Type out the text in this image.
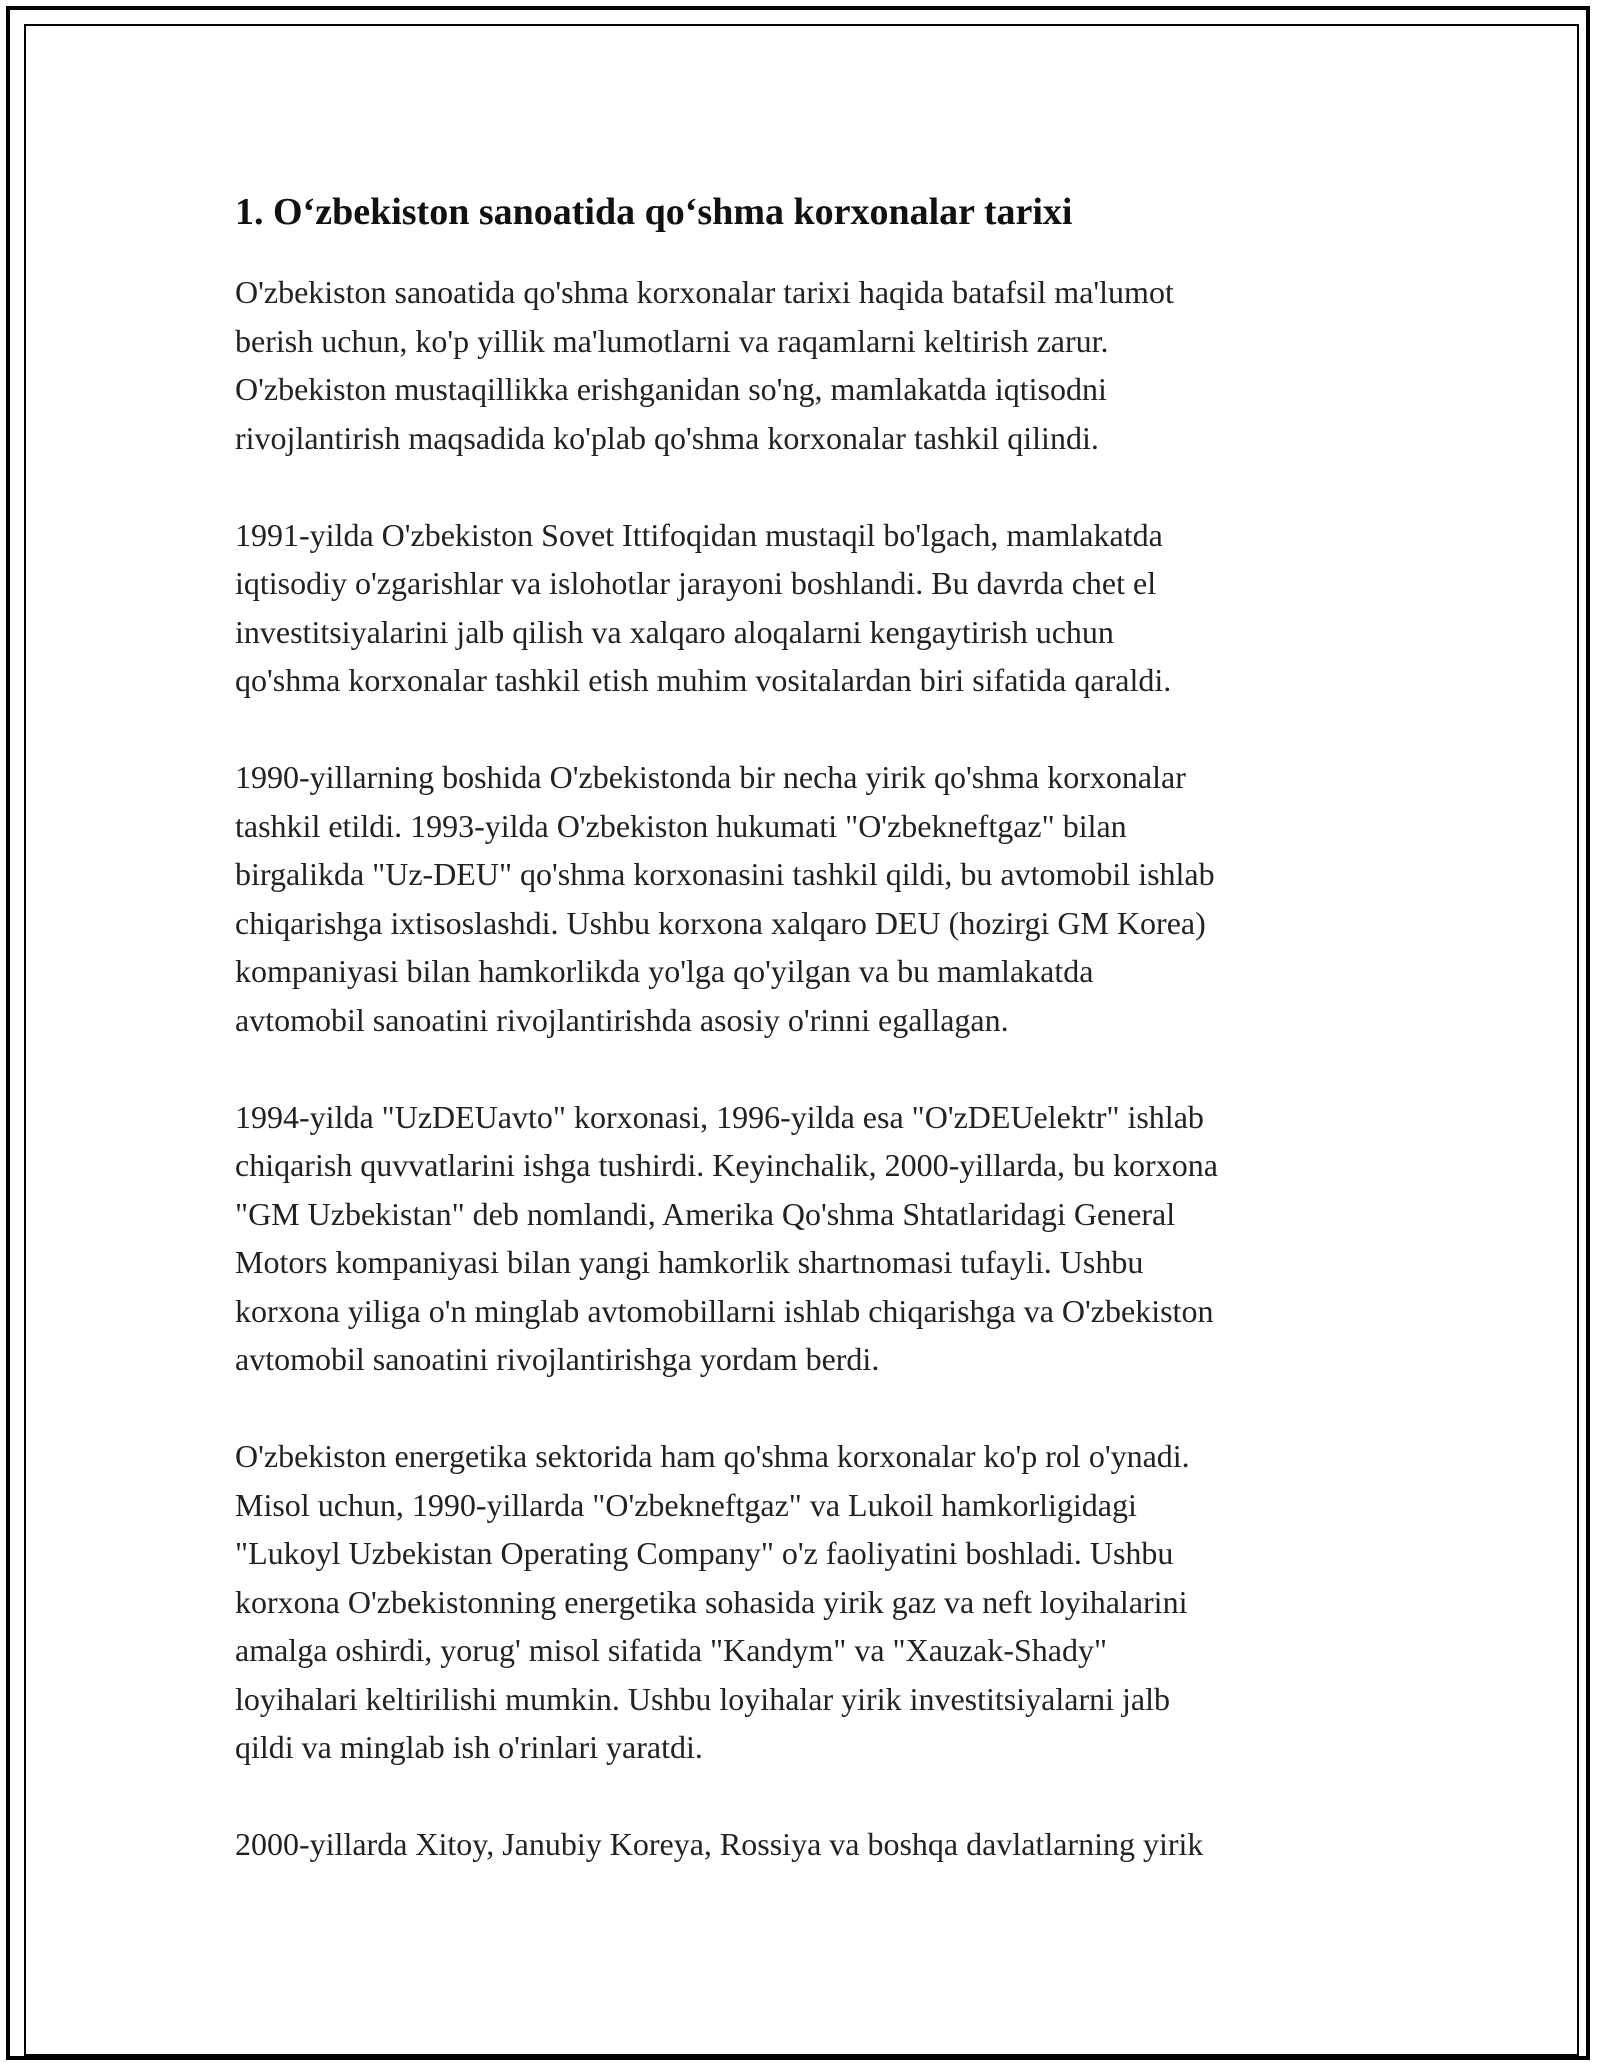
1. O‘zbekiston sanoatida qo‘shma korxonalar tarixi

O'zbekiston sanoatida qo'shma korxonalar tarixi haqida batafsil ma'lumot
berish uchun, ko'p yillik ma'lumotlarni va raqamlarni keltirish zarur.
O'zbekiston mustaqillikka erishganidan so'ng, mamlakatda iqtisodni
rivojlantirish maqsadida ko'plab qo'shma korxonalar tashkil qilindi.

1991-yilda O'zbekiston Sovet Ittifoqidan mustaqil bo'lgach, mamlakatda
iqtisodiy o'zgarishlar va islohotlar jarayoni boshlandi. Bu davrda chet el
investitsiyalarini jalb qilish va xalqaro aloqalarni kengaytirish uchun
qo'shma korxonalar tashkil etish muhim vositalardan biri sifatida qaraldi.

1990-yillarning boshida O'zbekistonda bir necha yirik qo'shma korxonalar
tashkil etildi. 1993-yilda O'zbekiston hukumati "O'zbekneftgaz" bilan
birgalikda "Uz-DEU" qo'shma korxonasini tashkil qildi, bu avtomobil ishlab
chiqarishga ixtisoslashdi. Ushbu korxona xalqaro DEU (hozirgi GM Korea)
kompaniyasi bilan hamkorlikda yo'lga qo'yilgan va bu mamlakatda
avtomobil sanoatini rivojlantirishda asosiy o'rinni egallagan.

1994-yilda "UzDEUavto" korxonasi, 1996-yilda esa "O'zDEUelektr" ishlab
chiqarish quvvatlarini ishga tushirdi. Keyinchalik, 2000-yillarda, bu korxona
"GM Uzbekistan" deb nomlandi, Amerika Qo'shma Shtatlaridagi General
Motors kompaniyasi bilan yangi hamkorlik shartnomasi tufayli. Ushbu
korxona yiliga o'n minglab avtomobillarni ishlab chiqarishga va O'zbekiston
avtomobil sanoatini rivojlantirishga yordam berdi.

O'zbekiston energetika sektorida ham qo'shma korxonalar ko'p rol o'ynadi.
Misol uchun, 1990-yillarda "O'zbekneftgaz" va Lukoil hamkorligidagi
"Lukoyl Uzbekistan Operating Company" o'z faoliyatini boshladi. Ushbu
korxona O'zbekistonning energetika sohasida yirik gaz va neft loyihalarini
amalga oshirdi, yorug' misol sifatida "Kandym" va "Xauzak-Shady"
loyihalari keltirilishi mumkin. Ushbu loyihalar yirik investitsiyalarni jalb
qildi va minglab ish o'rinlari yaratdi.

2000-yillarda Xitoy, Janubiy Koreya, Rossiya va boshqa davlatlarning yirik
